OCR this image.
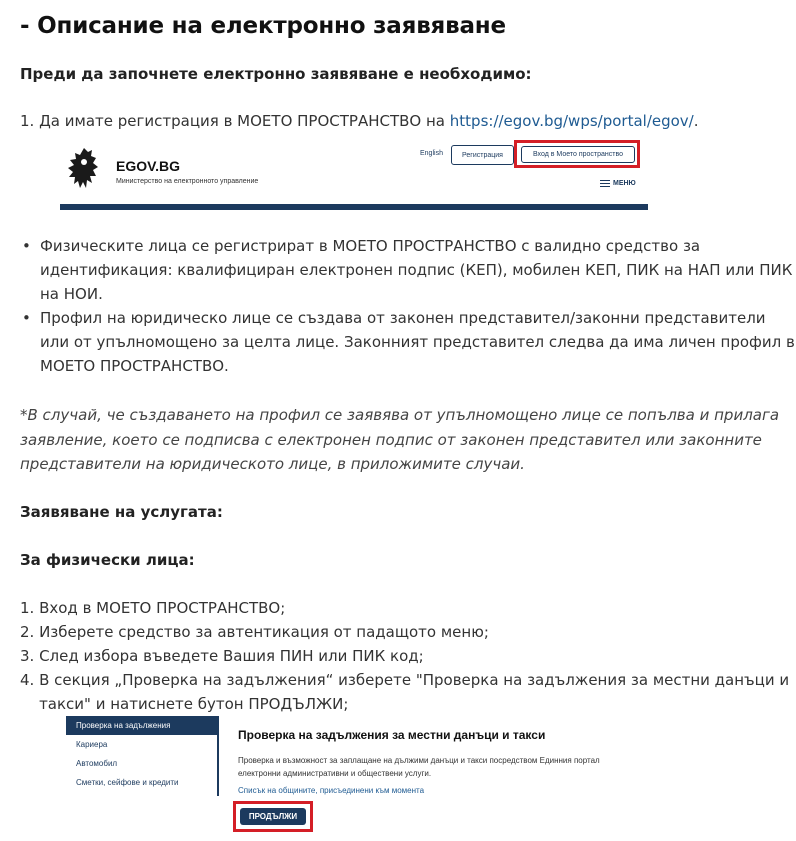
- Описание на електронно заявяване
Преди да започнете електронно заявяване е необходимо:
1. Да имате регистрация в МОЕТО ПРОСТРАНСТВО на https://egov.bg/wps/portal/egov/.
EGOV.BG
Министерство на електронното управление
English	Регистрация	Вход в Моето пространство
МЕНЮ
• Физическите лица се регистрират в МОЕТО ПРОСТРАНСТВО с валидно средство за
идентификация: квалифициран електронен подпис (КЕП), мобилен КЕП, ПИК на НАП или ПИК
на НОИ.
• Профил на юридическо лице се създава от законен представител/законни представители
или от упълномощено за целта лице. Законният представител следва да има личен профил в
МОЕТО ПРОСТРАНСТВО.
*В случай, че създаването на профил се заявява от упълномощено лице се попълва и прилага
заявление, което се подписва с електронен подпис от законен представител или законните
представители на юридическото лице, в приложимите случаи.
Заявяване на услугата:
За физически лица:
1. Вход в МОЕТО ПРОСТРАНСТВО;
2. Изберете средство за автентикация от падащото меню;
3. След избора въведете Вашия ПИН или ПИК код;
4. В секция „Проверка на задължения“ изберете "Проверка на задължения за местни данъци и
такси" и натиснете бутон ПРОДЪЛЖИ;
Проверка на задължения
Кариера
Автомобил
Сметки, сейфове и кредити
Проверка на задължения за местни данъци и такси
Проверка и възможност за заплащане на дължими данъци и такси посредством Единния портал
електронни административни и обществени услуги.
Списък на общините, присъединени към момента
ПРОДЪЛЖИ
